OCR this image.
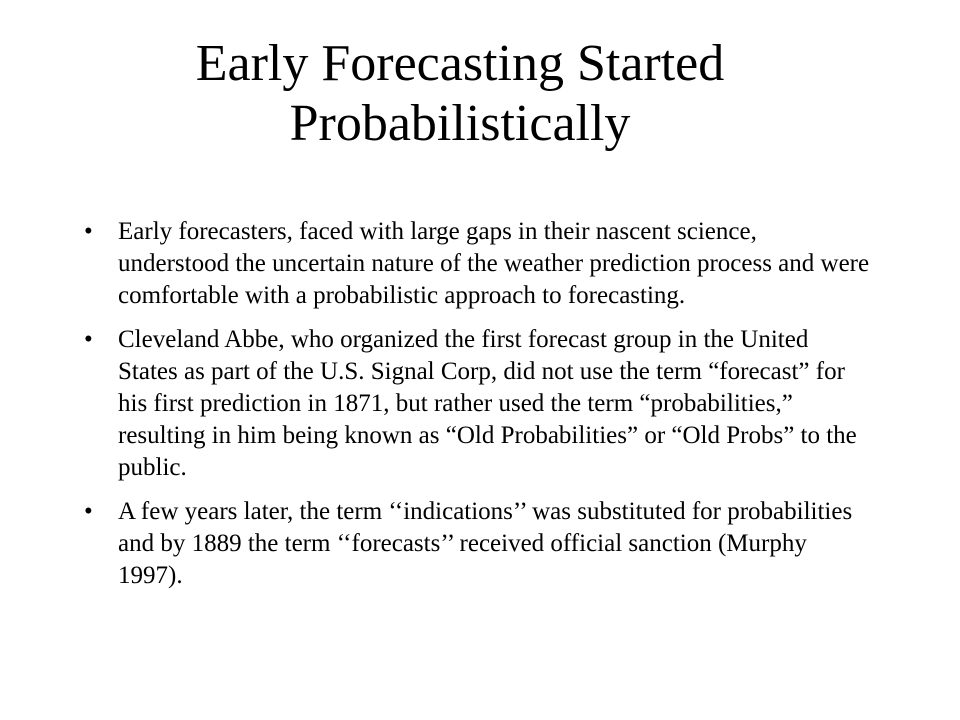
Early Forecasting Started
Probabilistically
• Early forecasters, faced with large gaps in their nascent science, understood the uncertain nature of the weather prediction process and were comfortable with a probabilistic approach to forecasting.
• Cleveland Abbe, who organized the first forecast group in the United States as part of the U.S. Signal Corp, did not use the term “forecast” for his first prediction in 1871, but rather used the term “probabilities,” resulting in him being known as “Old Probabilities” or “Old Probs” to the public.
• A few years later, the term ‘‘indications’’ was substituted for probabilities and by 1889 the term ‘‘forecasts’’ received official sanction (Murphy 1997).
